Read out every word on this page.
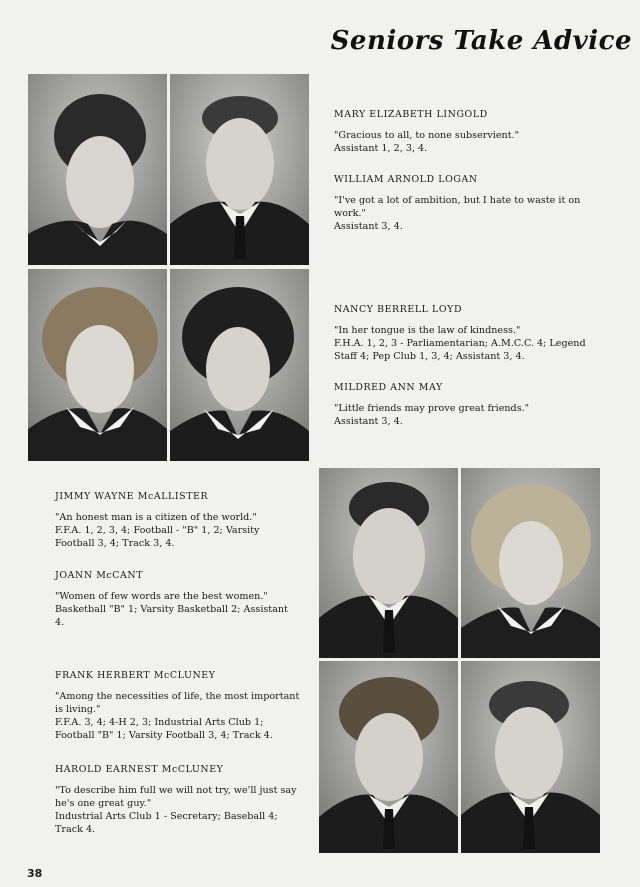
Seniors Take Advice
MARY ELIZABETH LINGOLD

"Gracious to all, to none subservient."

Assistant 1, 2, 3, 4.

WILLIAM ARNOLD LOGAN

"I've got a lot of ambition, but I hate to waste it on work."

Assistant 3, 4.

NANCY BERRELL LOYD

"In her tongue is the law of kindness."

F.H.A. 1, 2, 3 - Parliamentarian; A.M.C.C. 4; Legend Staff 4; Pep Club 1, 3, 4; Assistant 3, 4.

MILDRED ANN MAY

"Little friends may prove great friends."

Assistant 3, 4.

JIMMY WAYNE McALLISTER

"An honest man is a citizen of the world."

F.F.A. 1, 2, 3, 4; Football - "B" 1, 2; Varsity Football 3, 4; Track 3, 4.

JOANN McCANT

"Women of few words are the best women."

Basketball "B" 1; Varsity Basketball 2; Assistant 4.

FRANK HERBERT McCLUNEY

"Among the necessities of life, the most important is living."

F.F.A. 3, 4; 4-H 2, 3; Industrial Arts Club 1; Football "B" 1; Varsity Football 3, 4; Track 4.

HAROLD EARNEST McCLUNEY

"To describe him full we will not try, we'll just say he's one great guy."

Industrial Arts Club 1 - Secretary; Baseball 4; Track 4.

38
